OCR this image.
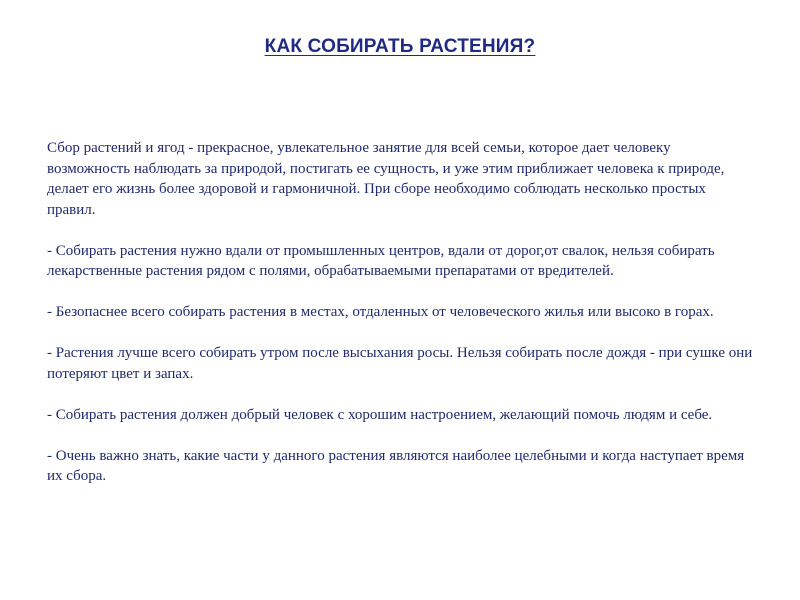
КАК СОБИРАТЬ РАСТЕНИЯ?

Сбор растений и ягод - прекрасное, увлекательное занятие для всей семьи, которое дает человеку возможность наблюдать за природой, постигать ее сущность, и уже этим приближает человека к природе, делает его жизнь более здоровой и гармоничной. При сборе необходимо соблюдать несколько простых правил.

- Собирать растения нужно вдали от промышленных центров, вдали от дорог,от свалок, нельзя собирать лекарственные растения рядом с полями, обрабатываемыми препаратами от вредителей.

- Безопаснее всего собирать растения в местах, отдаленных от человеческого жилья или высоко в горах.

- Растения лучше всего собирать утром после высыхания росы. Нельзя собирать после дождя - при сушке они потеряют цвет и запах.

- Собирать растения должен добрый человек с хорошим настроением, желающий помочь людям и себе.

- Очень важно знать, какие части у данного растения являются наиболее целебными и когда наступает время их сбора.
